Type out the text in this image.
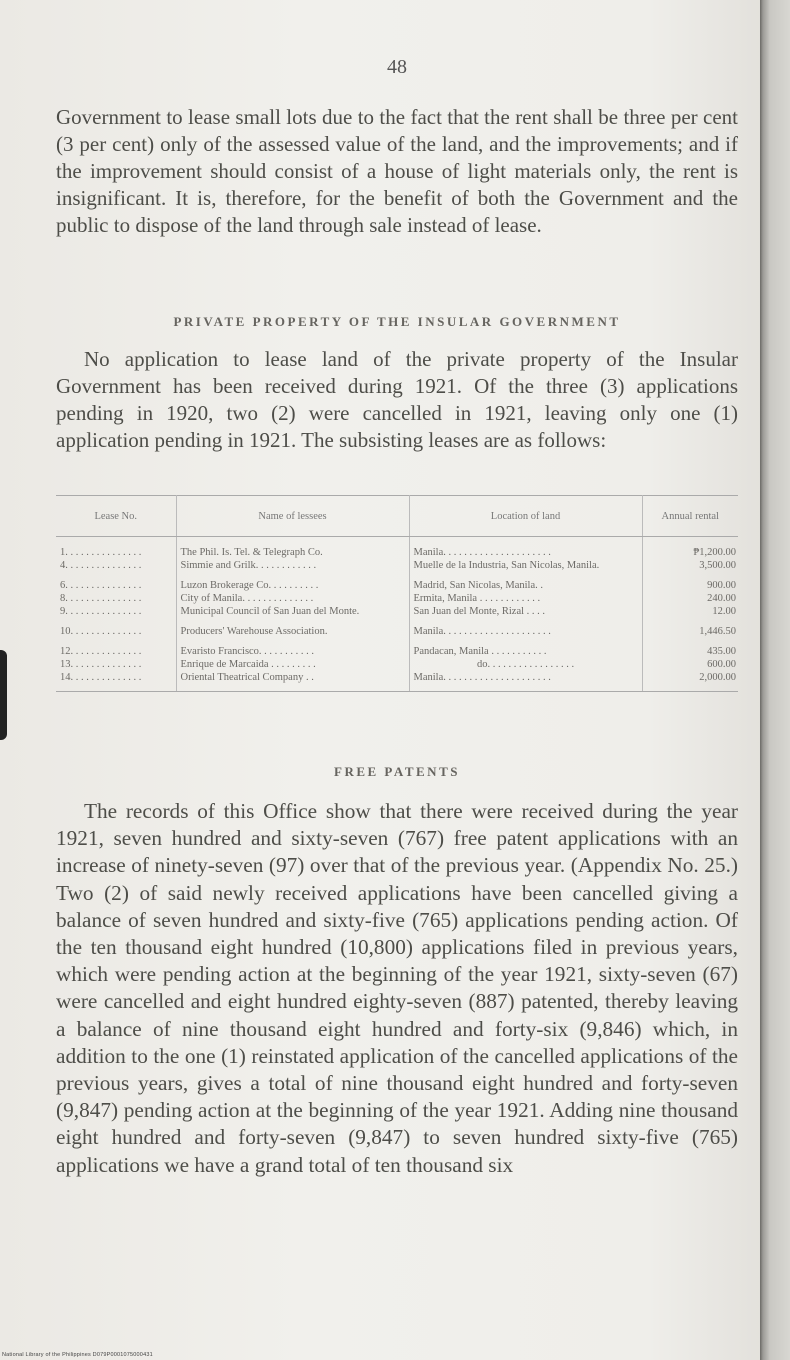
48

Government to lease small lots due to the fact that the rent shall be three per cent (3 per cent) only of the assessed value of the land, and the improvements; and if the improvement should consist of a house of light materials only, the rent is insignificant. It is, therefore, for the benefit of both the Government and the public to dispose of the land through sale instead of lease.

PRIVATE PROPERTY OF THE INSULAR GOVERNMENT

No application to lease land of the private property of the Insular Government has been received during 1921. Of the three (3) applications pending in 1920, two (2) were cancelled in 1921, leaving only one (1) application pending in 1921. The subsisting leases are as follows:

Lease No.	Name of lessees	Location of land	Annual rental
1. . . . . . . . . . . . . . .	The Phil. Is. Tel. & Telegraph Co.	Manila. . . . . . . . . . . . . . . . . . . . .	₱1,200.00
4. . . . . . . . . . . . . . .	Simmie and Grilk. . . . . . . . . . . .	Muelle de la Industria, San Nicolas, Manila.	3,500.00
6. . . . . . . . . . . . . . .	Luzon Brokerage Co. . . . . . . . . .	Madrid, San Nicolas, Manila. .	900.00
8. . . . . . . . . . . . . . .	City of Manila. . . . . . . . . . . . . .	Ermita, Manila . . . . . . . . . . . .	240.00
9. . . . . . . . . . . . . . .	Municipal Council of San Juan del Monte.	San Juan del Monte, Rizal . . . .	12.00
10. . . . . . . . . . . . . .	Producers' Warehouse Association.	Manila. . . . . . . . . . . . . . . . . . . . .	1,446.50
12. . . . . . . . . . . . . .	Evaristo Francisco. . . . . . . . . . .	Pandacan, Manila . . . . . . . . . . .	435.00
13. . . . . . . . . . . . . .	Enrique de Marcaida . . . . . . . . .	do. . . . . . . . . . . . . . . . .	600.00
14. . . . . . . . . . . . . .	Oriental Theatrical Company . .	Manila. . . . . . . . . . . . . . . . . . . . .	2,000.00
FREE PATENTS

The records of this Office show that there were received during the year 1921, seven hundred and sixty-seven (767) free patent applications with an increase of ninety-seven (97) over that of the previous year. (Appendix No. 25.) Two (2) of said newly received applications have been cancelled giving a balance of seven hundred and sixty-five (765) applications pending action. Of the ten thousand eight hundred (10,800) applications filed in previous years, which were pending action at the beginning of the year 1921, sixty-seven (67) were cancelled and eight hundred eighty-seven (887) patented, thereby leaving a balance of nine thousand eight hundred and forty-six (9,846) which, in addition to the one (1) reinstated application of the cancelled applications of the previous years, gives a total of nine thousand eight hundred and forty-seven (9,847) pending action at the beginning of the year 1921. Adding nine thousand eight hundred and forty-seven (9,847) to seven hundred sixty-five (765) applications we have a grand total of ten thousand six

National Library of the Philippines D079P0001075000431
